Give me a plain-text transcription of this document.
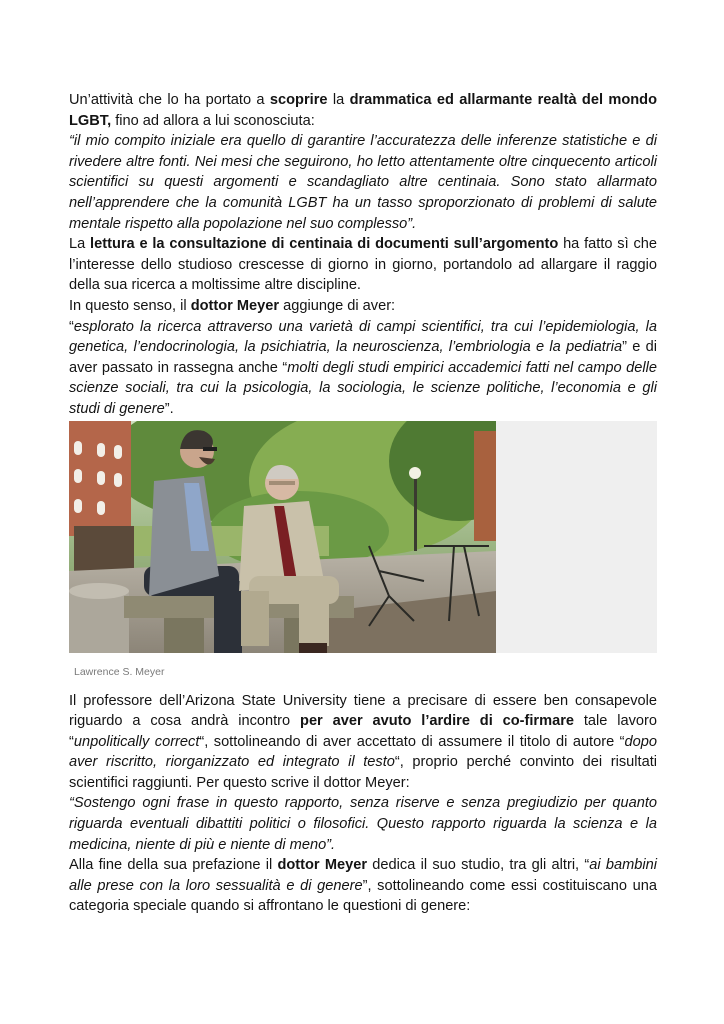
Un’attività che lo ha portato a scoprire la drammatica ed allarmante realtà del mondo LGBT, fino ad allora a lui sconosciuta:

“il mio compito iniziale era quello di garantire l’accuratezza delle inferenze statistiche e di rivedere altre fonti. Nei mesi che seguirono, ho letto attentamente oltre cinquecento articoli scientifici su questi argomenti e scandagliato altre centinaia. Sono stato allarmato nell’apprendere che la comunità LGBT ha un tasso sproporzionato di problemi di salute mentale rispetto alla popolazione nel suo complesso”.

La lettura e la consultazione di centinaia di documenti sull’argomento ha fatto sì che l’interesse dello studioso crescesse di giorno in giorno, portandolo ad allargare il raggio della sua ricerca a moltissime altre discipline.

In questo senso, il dottor Meyer aggiunge di aver:

“esplorato la ricerca attraverso una varietà di campi scientifici, tra cui l’epidemiologia, la genetica, l’endocrinologia, la psichiatria, la neuroscienza, l’embriologia e la pediatria” e di aver passato in rassegna anche “molti degli studi empirici accademici fatti nel campo delle scienze sociali, tra cui la psicologia, la sociologia, le scienze politiche, l’economia e gli studi di genere”.

Lawrence S. Meyer

Il professore dell’Arizona State University tiene a precisare di essere ben consapevole riguardo a cosa andrà incontro per aver avuto l’ardire di co-firmare tale lavoro “unpolitically correct“, sottolineando di aver accettato di assumere il titolo di autore “dopo aver riscritto, riorganizzato ed integrato il testo“, proprio perché convinto dei risultati scientifici raggiunti. Per questo scrive il dottor Meyer:

“Sostengo ogni frase in questo rapporto, senza riserve e senza pregiudizio per quanto riguarda eventuali dibattiti politici o filosofici. Questo rapporto riguarda la scienza e la medicina, niente di più e niente di meno”.

Alla fine della sua prefazione il dottor Meyer dedica il suo studio, tra gli altri, “ai bambini alle prese con la loro sessualità e di genere”, sottolineando come essi costituiscano una categoria speciale quando si affrontano le questioni di genere:
